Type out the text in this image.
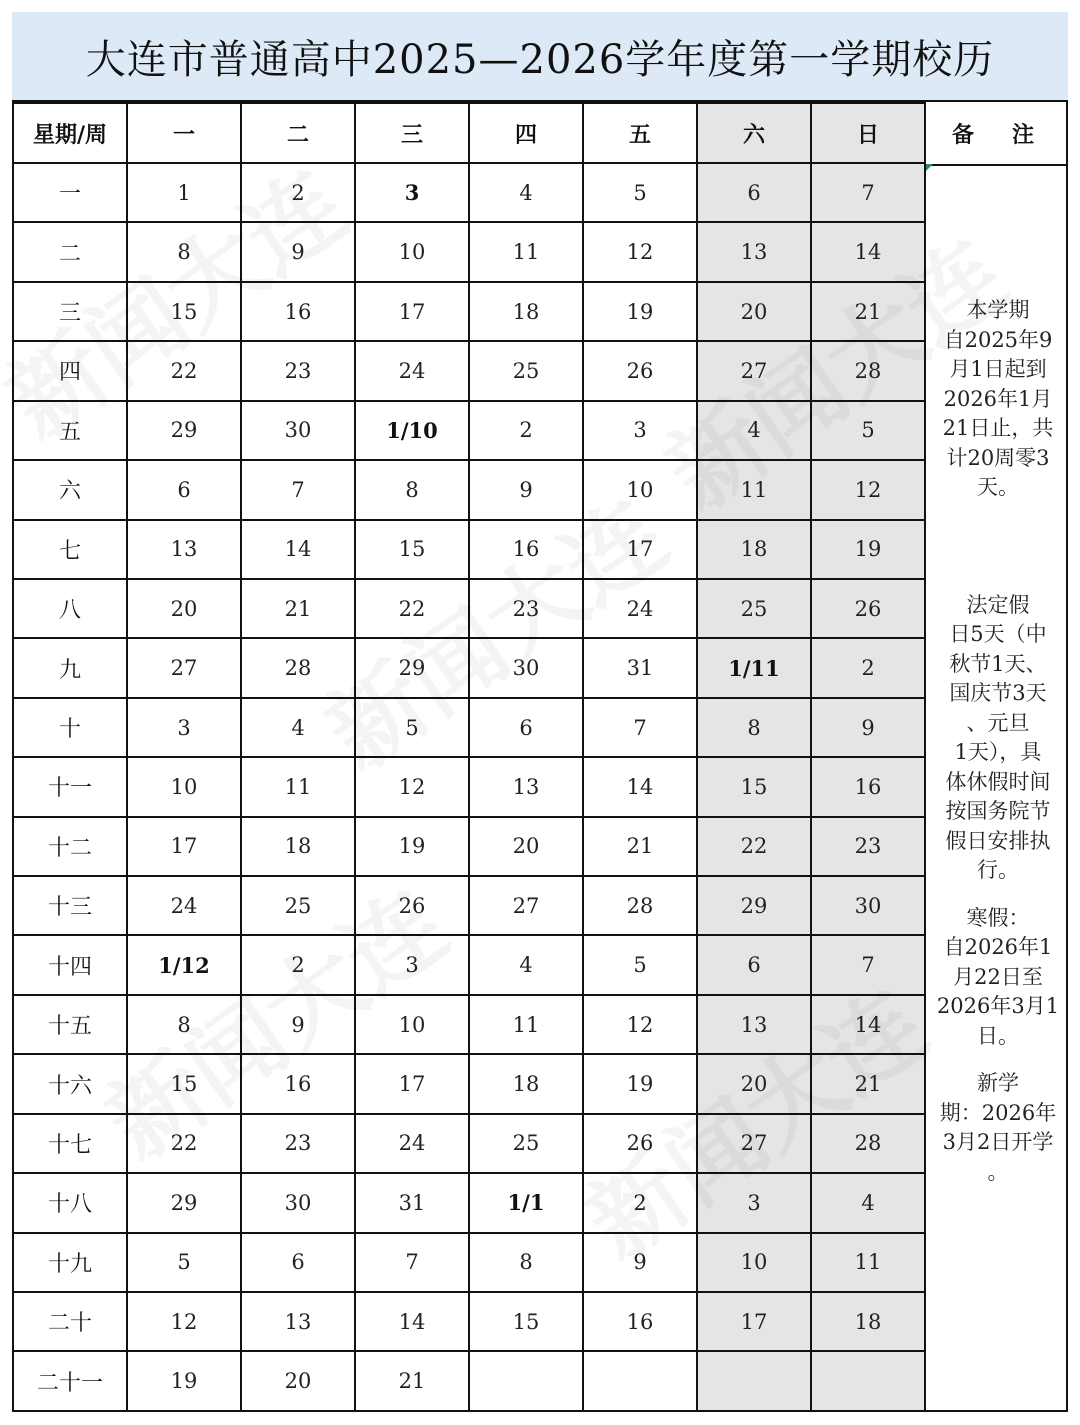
大连市普通高中2025—2026学年度第一学期校历
星期/周	一	二	三	四	五	六	日
一	1	2	3	4	5	6	7
二	8	9	10	11	12	13	14
三	15	16	17	18	19	20	21
四	22	23	24	25	26	27	28
五	29	30	1/10	2	3	4	5
六	6	7	8	9	10	11	12
七	13	14	15	16	17	18	19
八	20	21	22	23	24	25	26
九	27	28	29	30	31	1/11	2
十	3	4	5	6	7	8	9
十一	10	11	12	13	14	15	16
十二	17	18	19	20	21	22	23
十三	24	25	26	27	28	29	30
十四	1/12	2	3	4	5	6	7
十五	8	9	10	11	12	13	14
十六	15	16	17	18	19	20	21
十七	22	23	24	25	26	27	28
十八	29	30	31	1/1	2	3	4
十九	5	6	7	8	9	10	11
二十	12	13	14	15	16	17	18
二十一	19	20	21				
备　注
本学期
自2025年9
月1日起到
2026年1月
21日止，共
计20周零3
天。
法定假
日5天（中
秋节1天、
国庆节3天
、元旦
1天），具
体休假时间
按国务院节
假日安排执
行。
寒假：
自2026年1
月22日至
2026年3月1
日。
新学
期：2026年
3月2日开学
。
